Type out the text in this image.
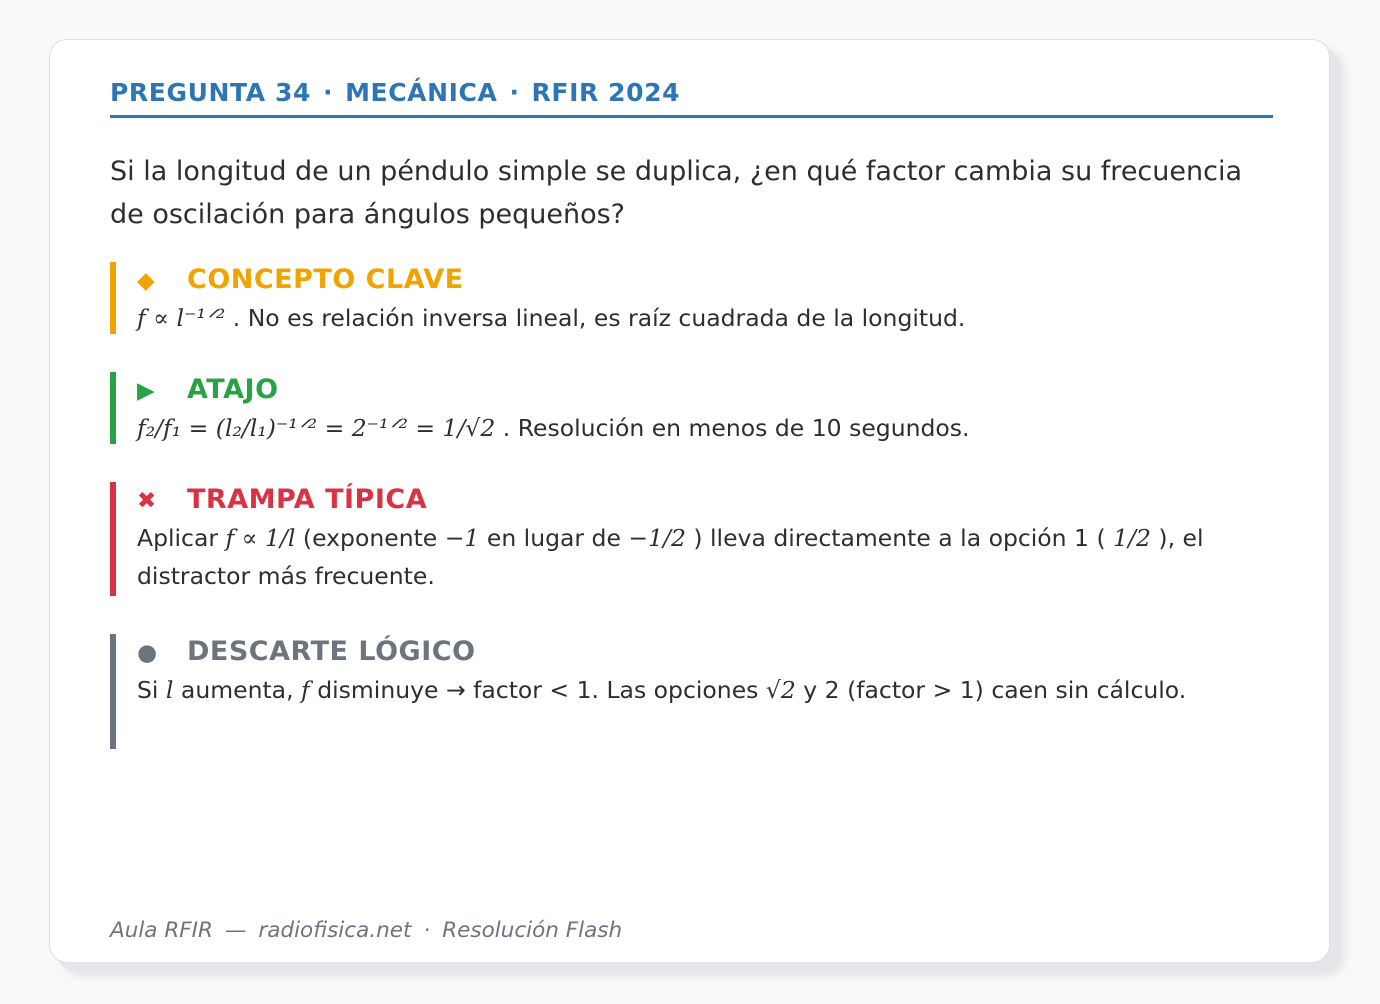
PREGUNTA 34 · MECÁNICA · RFIR 2024
Si la longitud de un péndulo simple se duplica, ¿en qué factor cambia su frecuencia de oscilación para ángulos pequeños?
◆ CONCEPTO CLAVE
f ∝ l⁻¹ᐟ² . No es relación inversa lineal, es raíz cuadrada de la longitud.
▶ ATAJO
f₂/f₁ = (l₂/l₁)⁻¹ᐟ² = 2⁻¹ᐟ² = 1/√2 . Resolución en menos de 10 segundos.
✖ TRAMPA TÍPICA
Aplicar f ∝ 1/l (exponente −1 en lugar de −1/2 ) lleva directamente a la opción 1 ( 1/2 ), el distractor más frecuente.
● DESCARTE LÓGICO
Si l aumenta, f disminuye → factor < 1. Las opciones √2 y 2 (factor > 1) caen sin cálculo.
Aula RFIR — radiofisica.net · Resolución Flash
